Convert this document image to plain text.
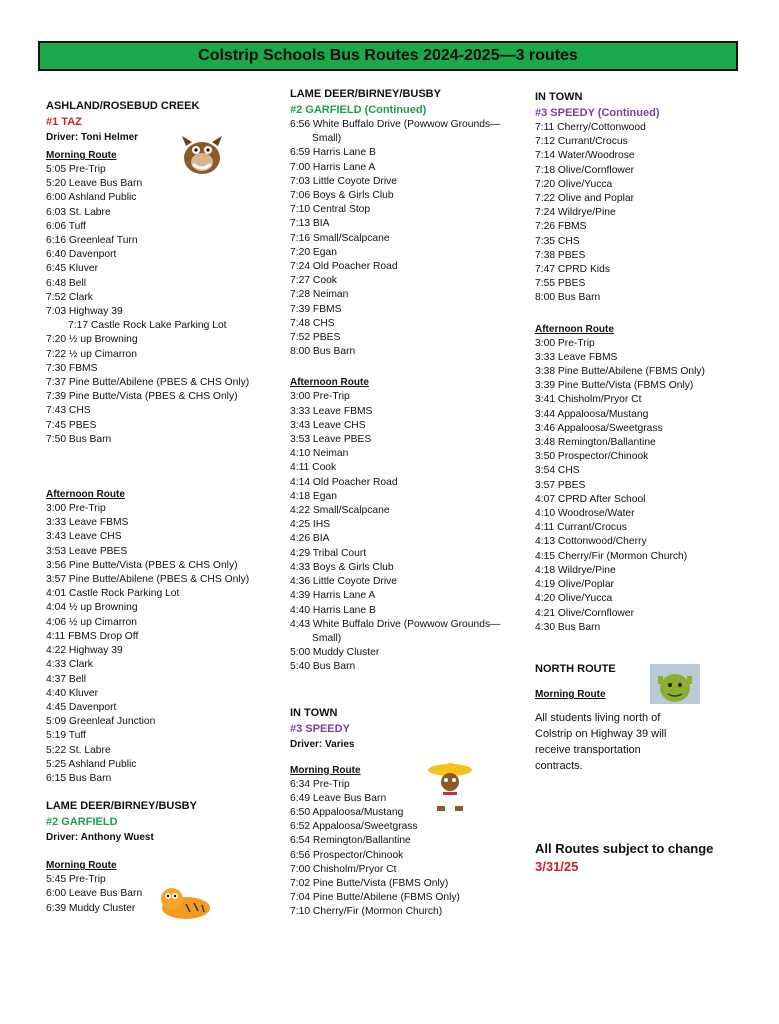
Colstrip Schools Bus Routes 2024-2025—3 routes
ASHLAND/ROSEBUD CREEK
#1 TAZ
Driver: Toni Helmer
Morning Route
5:05 Pre-Trip
5:20 Leave Bus Barn
6:00 Ashland Public
6:03 St. Labre
6:06 Tuff
6:16 Greenleaf Turn
6:40 Davenport
6:45 Kluver
6:48 Bell
7:52 Clark
7:03 Highway 39
7:17 Castle Rock Lake Parking Lot
7:20 ½ up Browning
7:22 ½ up Cimarron
7:30 FBMS
7:37 Pine Butte/Abilene (PBES & CHS Only)
7:39 Pine Butte/Vista (PBES & CHS Only)
7:43 CHS
7:45 PBES
7:50 Bus Barn
Afternoon Route
3:00 Pre-Trip
3:33 Leave FBMS
3:43 Leave CHS
3:53 Leave PBES
3:56 Pine Butte/Vista (PBES & CHS Only)
3:57 Pine Butte/Abilene (PBES & CHS Only)
4:01 Castle Rock Parking Lot
4:04 ½ up Browning
4:06 ½ up Cimarron
4:11 FBMS Drop Off
4:22 Highway 39
4:33 Clark
4:37 Bell
4:40 Kluver
4:45 Davenport
5:09 Greenleaf Junction
5:19 Tuff
5:22 St. Labre
5:25 Ashland Public
6:15 Bus Barn
LAME DEER/BIRNEY/BUSBY
#2 GARFIELD
Driver: Anthony Wuest
Morning Route
5:45 Pre-Trip
6:00 Leave Bus Barn
6:39 Muddy Cluster
LAME DEER/BIRNEY/BUSBY
#2 GARFIELD (Continued)
6:56 White Buffalo Drive (Powwow Grounds—Small)
6:59 Harris Lane B
7:00 Harris Lane A
7:03 Little Coyote Drive
7:06 Boys & Girls Club
7:10 Central Stop
7:13 BIA
7:16 Small/Scalpcane
7:20 Egan
7:24 Old Poacher Road
7:27 Cook
7:28 Neiman
7:39 FBMS
7:48 CHS
7:52 PBES
8:00 Bus Barn
Afternoon Route
3:00 Pre-Trip
3:33 Leave FBMS
3:43 Leave CHS
3:53 Leave PBES
4:10 Neiman
4:11 Cook
4:14 Old Poacher Road
4:18 Egan
4:22 Small/Scalpcane
4:25 IHS
4:26 BIA
4:29 Tribal Court
4:33 Boys & Girls Club
4:36 Little Coyote Drive
4:39 Harris Lane A
4:40 Harris Lane B
4:43 White Buffalo Drive (Powwow Grounds—Small)
5:00 Muddy Cluster
5:40 Bus Barn
IN TOWN
#3 SPEEDY
Driver: Varies
Morning Route
6:34 Pre-Trip
6:49 Leave Bus Barn
6:50 Appaloosa/Mustang
6:52 Appaloosa/Sweetgrass
6:54 Remington/Ballantine
6:56 Prospector/Chinook
7:00 Chisholm/Pryor Ct
7:02 Pine Butte/Vista (FBMS Only)
7:04 Pine Butte/Abilene (FBMS Only)
7:10 Cherry/Fir (Mormon Church)
IN TOWN
#3 SPEEDY (Continued)
7:11 Cherry/Cottonwood
7:12 Currant/Crocus
7:14 Water/Woodrose
7:18 Olive/Cornflower
7:20 Olive/Yucca
7:22 Olive and Poplar
7:24 Wildrye/Pine
7:26 FBMS
7:35 CHS
7:38 PBES
7:47 CPRD Kids
7:55 PBES
8:00 Bus Barn
Afternoon Route
3:00 Pre-Trip
3:33 Leave FBMS
3:38 Pine Butte/Abilene (FBMS Only)
3:39 Pine Butte/Vista (FBMS Only)
3:41 Chisholm/Pryor Ct
3:44 Appaloosa/Mustang
3:46 Appaloosa/Sweetgrass
3:48 Remington/Ballantine
3:50 Prospector/Chinook
3:54 CHS
3:57 PBES
4:07 CPRD After School
4:10 Woodrose/Water
4:11 Currant/Crocus
4:13 Cottonwood/Cherry
4:15 Cherry/Fir (Mormon Church)
4:18 Wildrye/Pine
4:19 Olive/Poplar
4:20 Olive/Yucca
4:21 Olive/Cornflower
4:30 Bus Barn
NORTH ROUTE
Morning Route
All students living north of Colstrip on Highway 39 will receive transportation contracts.
All Routes subject to change
3/31/25
